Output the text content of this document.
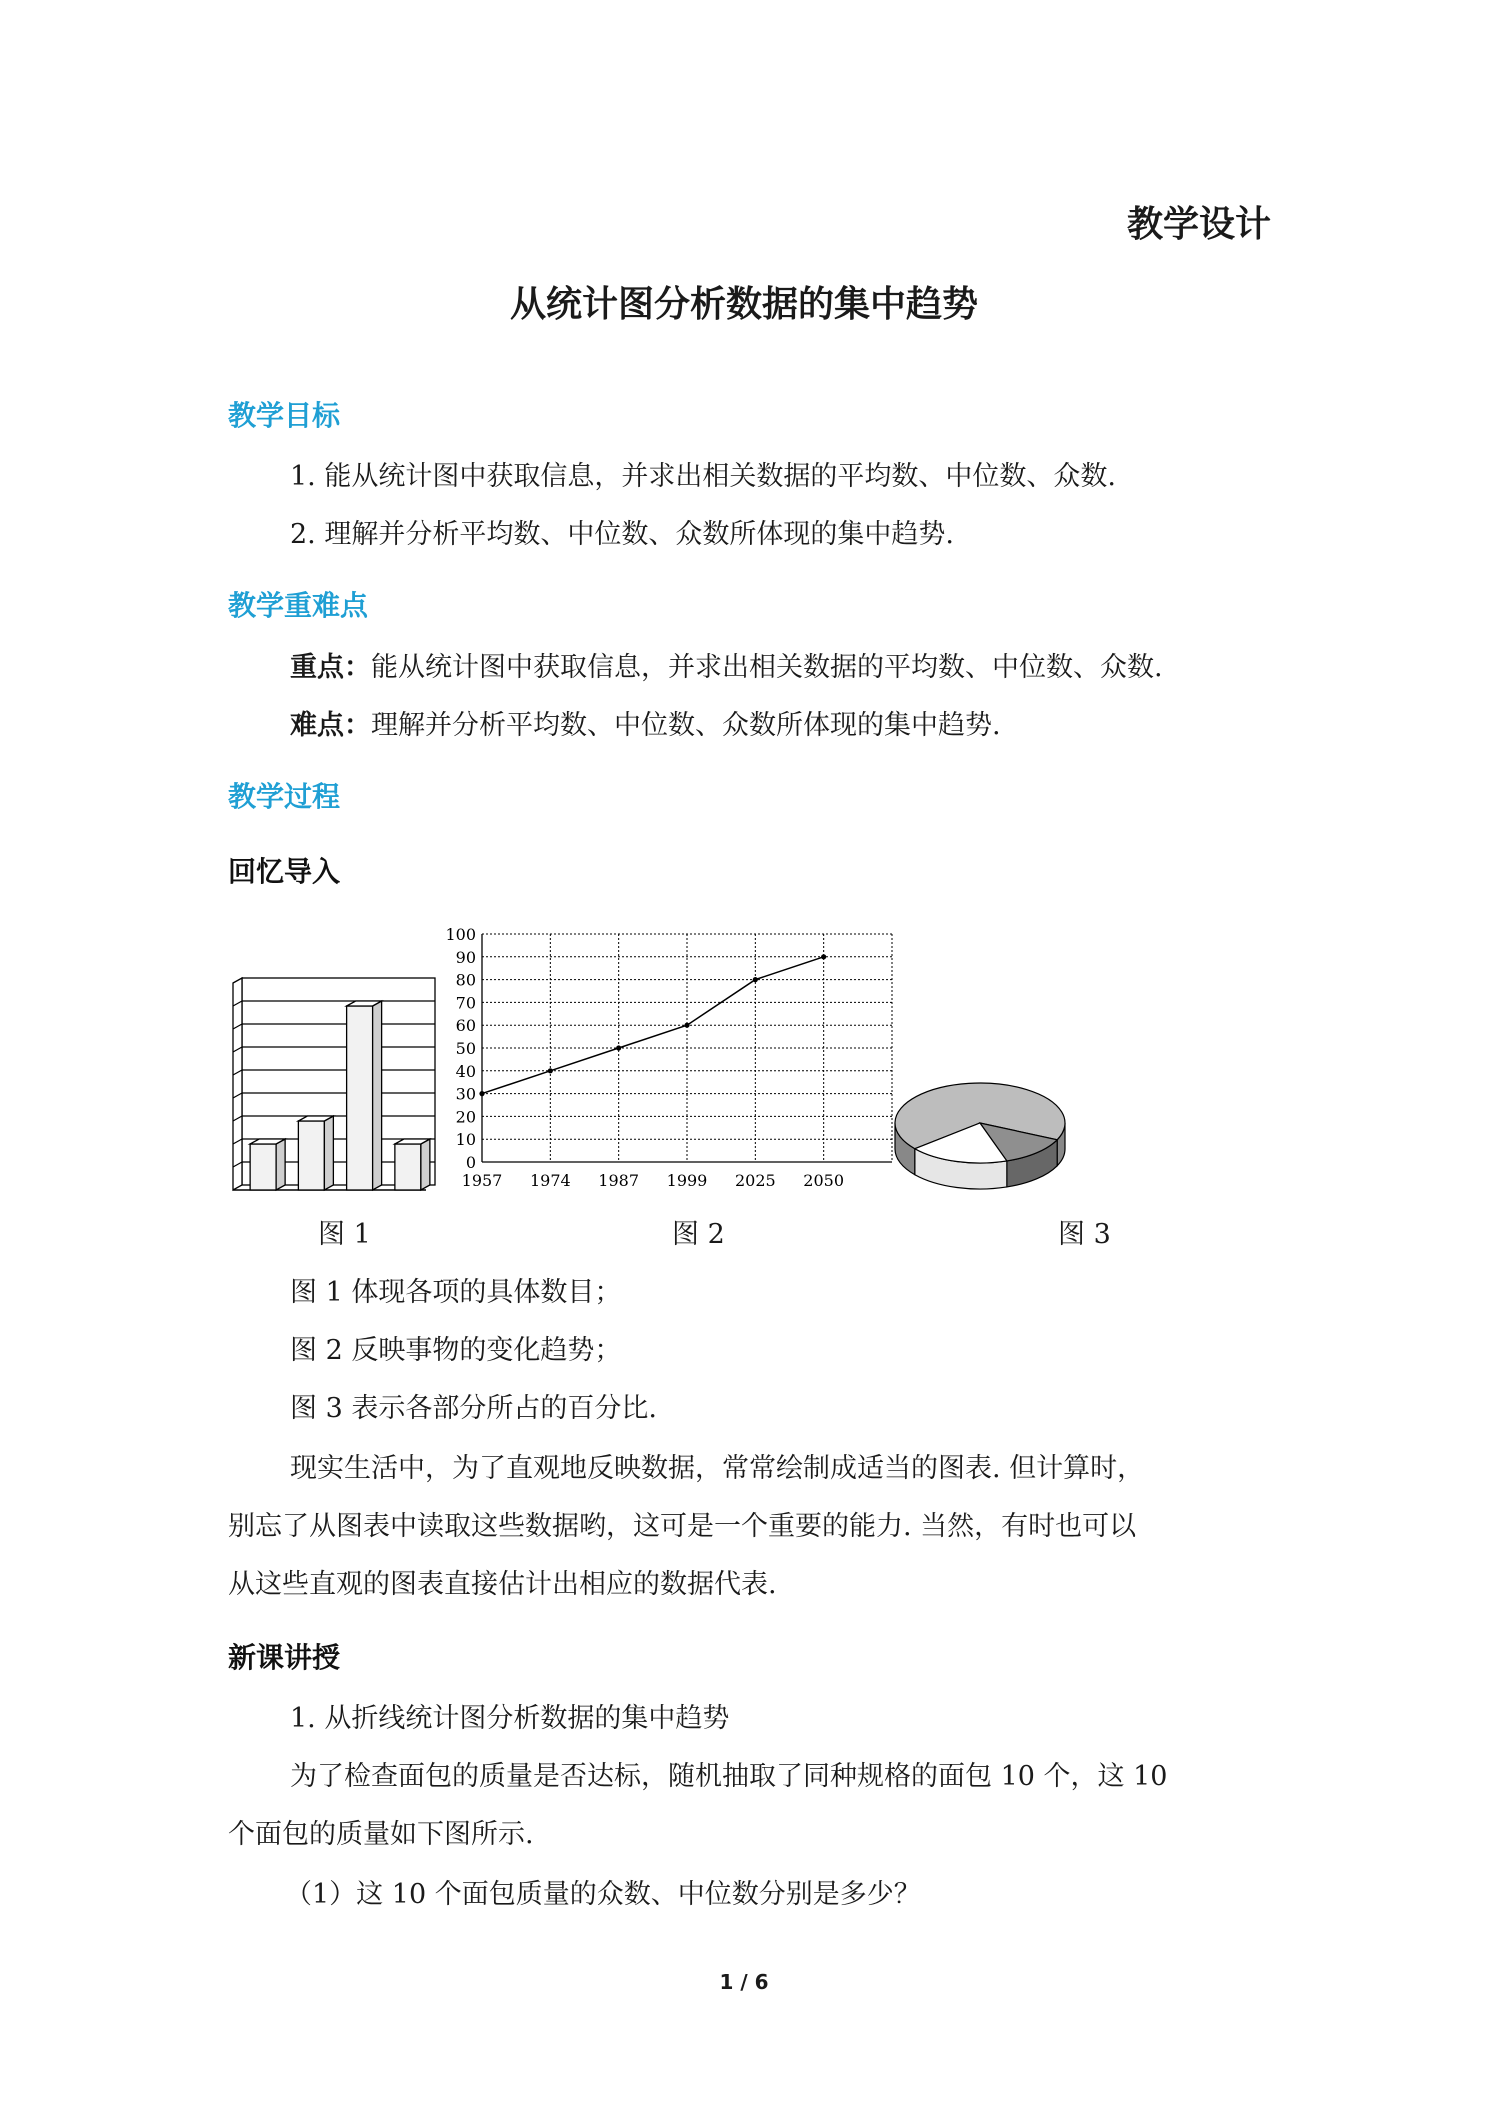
教学设计
从统计图分析数据的集中趋势
教学目标
1. 能从统计图中获取信息，并求出相关数据的平均数、中位数、众数.
2. 理解并分析平均数、中位数、众数所体现的集中趋势.
教学重难点
重点：能从统计图中获取信息，并求出相关数据的平均数、中位数、众数.
难点：理解并分析平均数、中位数、众数所体现的集中趋势.
教学过程
回忆导入
0
10
20
30
40
50
60
70
80
90
100
1957 1974 1987 1999 2025 2050
图 1	图 2	图 3
图 1 体现各项的具体数目；
图 2 反映事物的变化趋势；
图 3 表示各部分所占的百分比.
现实生活中，为了直观地反映数据，常常绘制成适当的图表. 但计算时，
别忘了从图表中读取这些数据哟，这可是一个重要的能力. 当然，有时也可以
从这些直观的图表直接估计出相应的数据代表.
新课讲授
1. 从折线统计图分析数据的集中趋势
为了检查面包的质量是否达标，随机抽取了同种规格的面包 10 个，这 10
个面包的质量如下图所示.
（1）这 10 个面包质量的众数、中位数分别是多少？
1 / 6
